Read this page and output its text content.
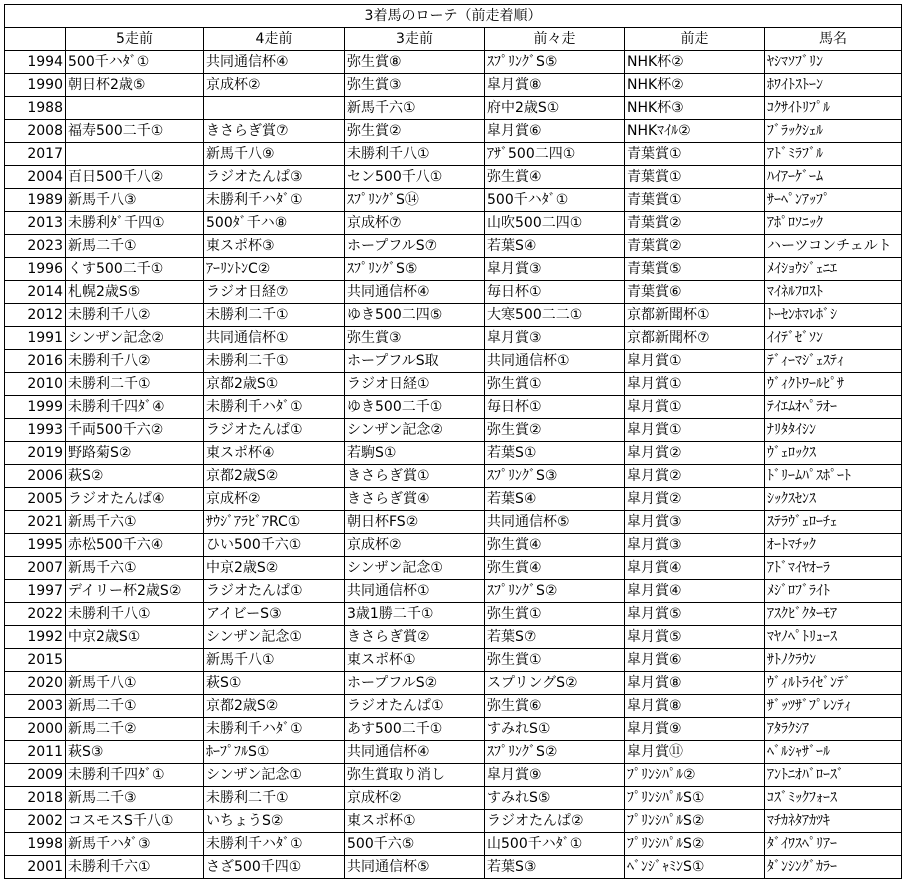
3着馬のローテ（前走着順）						
	5走前	4走前	3走前	前々走	前走	馬名
1994	500千ハﾀﾞ①	共同通信杯④	弥生賞⑧	ｽﾌﾟﾘﾝｸﾞS⑤	NHK杯②	ﾔｼﾏｿﾌﾞﾘﾝ
1990	朝日杯2歳⑤	京成杯②	弥生賞③	皐月賞⑧	NHK杯②	ﾎﾜｲﾄｽﾄｰﾝ
1988			新馬千六①	府中2歳S①	NHK杯③	ｺｸｻｲﾄﾘﾌﾟﾙ
2008	福寿500二千①	きさらぎ賞⑦	弥生賞②	皐月賞⑥	NHKﾏｲﾙ②	ﾌﾞﾗｯｸｼｪﾙ
2017		新馬千八⑨	未勝利千八①	ｱｻﾞ500二四①	青葉賞①	ｱﾄﾞﾐﾗﾌﾞﾙ
2004	百日500千八②	ラジオたんぱ③	セン500千八①	弥生賞④	青葉賞①	ﾊｲｱｰｹﾞｰﾑ
1989	新馬千八③	未勝利千ハﾀﾞ①	ｽﾌﾟﾘﾝｸﾞS⑭	500千ハﾀﾞ①	青葉賞①	ｻｰﾍﾟﾝｱｯﾌﾟ
2013	未勝利ﾀﾞ千四①	500ﾀﾞ千ハ⑧	京成杯⑦	山吹500二四①	青葉賞②	ｱﾎﾟﾛｿﾆｯｸ
2023	新馬二千①	東スポ杯③	ホープフルS⑦	若葉S④	青葉賞②	ハーツコンチェルト
1996	くす500二千①	ｱｰﾘﾝﾄﾝC②	ｽﾌﾟﾘﾝｸﾞS⑤	皐月賞③	青葉賞⑤	ﾒｲｼｮｳｼﾞｪﾆｴ
2014	札幌2歳S⑤	ラジオ日経⑦	共同通信杯④	毎日杯①	青葉賞⑥	ﾏｲﾈﾙﾌﾛｽﾄ
2012	未勝利千八②	未勝利二千①	ゆき500二四⑤	大寒500二二①	京都新聞杯①	ﾄｰｾﾝﾎﾏﾚﾎﾞｼ
1991	シンザン記念②	共同通信杯①	弥生賞③	皐月賞③	京都新聞杯⑦	ｲｲﾃﾞｾﾞｿﾝ
2016	未勝利千八②	未勝利二千①	ホープフルS取	共同通信杯①	皐月賞①	ﾃﾞｨｰﾏｼﾞｪｽﾃｨ
2010	未勝利二千①	京都2歳S①	ラジオ日経①	弥生賞①	皐月賞①	ｳﾞｨｸﾄﾜｰﾙﾋﾟｻ
1999	未勝利千四ﾀﾞ④	未勝利千ハﾀﾞ①	ゆき500二千①	毎日杯①	皐月賞①	ﾃｲｴﾑｵﾍﾟﾗｵｰ
1993	千両500千六②	ラジオたんぱ①	シンザン記念②	弥生賞②	皐月賞①	ﾅﾘﾀﾀｲｼﾝ
2019	野路菊S②	東スポ杯④	若駒S①	若葉S①	皐月賞②	ｳﾞｪﾛｯｸｽ
2006	萩S②	京都2歳S②	きさらぎ賞①	ｽﾌﾟﾘﾝｸﾞS③	皐月賞②	ﾄﾞﾘｰﾑﾊﾟｽﾎﾟｰﾄ
2005	ラジオたんぱ④	京成杯②	きさらぎ賞④	若葉S④	皐月賞②	ｼｯｸｽｾﾝｽ
2021	新馬千六①	ｻｳｼﾞｱﾗﾋﾞｱRC①	朝日杯FS②	共同通信杯⑤	皐月賞③	ｽﾃﾗｳﾞｪﾛｰﾁｪ
1995	赤松500千六④	ひい500千六①	京成杯②	弥生賞④	皐月賞③	ｵｰﾄﾏﾁｯｸ
2007	新馬千六①	中京2歳S②	シンザン記念①	弥生賞④	皐月賞④	ｱﾄﾞﾏｲﾔｵｰﾗ
1997	デイリー杯2歳S②	ラジオたんぱ①	共同通信杯①	ｽﾌﾟﾘﾝｸﾞS②	皐月賞④	ﾒｼﾞﾛﾌﾞﾗｲﾄ
2022	未勝利千八①	アイビーS③	3歳1勝二千①	弥生賞①	皐月賞⑤	ｱｽｸﾋﾞｸﾀｰﾓｱ
1992	中京2歳S①	シンザン記念①	きさらぎ賞②	若葉S⑦	皐月賞⑤	ﾏﾔﾉﾍﾟﾄﾘｭｰｽ
2015		新馬千八①	東スポ杯①	弥生賞①	皐月賞⑥	ｻﾄﾉｸﾗｳﾝ
2020	新馬千八①	萩S①	ホープフルS②	スプリングS②	皐月賞⑧	ｳﾞｨﾙﾄﾗｲｾﾞﾝﾃﾞ
2003	新馬二千①	京都2歳S②	ラジオたんぱ①	弥生賞⑥	皐月賞⑧	ｻﾞｯﾂｻﾞﾌﾟﾚﾝﾃｨ
2000	新馬二千②	未勝利千ハﾀﾞ①	あす500二千①	すみれS①	皐月賞⑨	ｱﾀﾗｸｼｱ
2011	萩S③	ﾎｰﾌﾟﾌﾙS①	共同通信杯④	ｽﾌﾟﾘﾝｸﾞS②	皐月賞⑪	ﾍﾞﾙｼｬｻﾞｰﾙ
2009	未勝利千四ﾀﾞ①	シンザン記念①	弥生賞取り消し	皐月賞⑨	ﾌﾟﾘﾝｼﾊﾟﾙ②	ｱﾝﾄﾆｵﾊﾞﾛｰｽﾞ
2018	新馬二千③	未勝利二千①	京成杯②	すみれS⑤	ﾌﾟﾘﾝｼﾊﾟﾙS①	ｺｽﾞﾐｯｸﾌｫｰｽ
2002	コスモスS千八①	いちょうS②	東スポ杯①	ラジオたんぱ②	ﾌﾟﾘﾝｼﾊﾟﾙS②	ﾏﾁｶﾈﾀｱｶﾂｷ
1998	新馬千ハﾀﾞ③	未勝利千ハﾀﾞ①	500千六⑤	山500千ハﾀﾞ①	ﾌﾟﾘﾝｼﾊﾟﾙS②	ﾀﾞｲﾜｽﾍﾟﾘｱｰ
2001	未勝利千六①	さざ500千四①	共同通信杯⑤	若葉S③	ﾍﾞﾝｼﾞｬﾐﾝS①	ﾀﾞﾝｼﾝｸﾞｶﾗｰ
